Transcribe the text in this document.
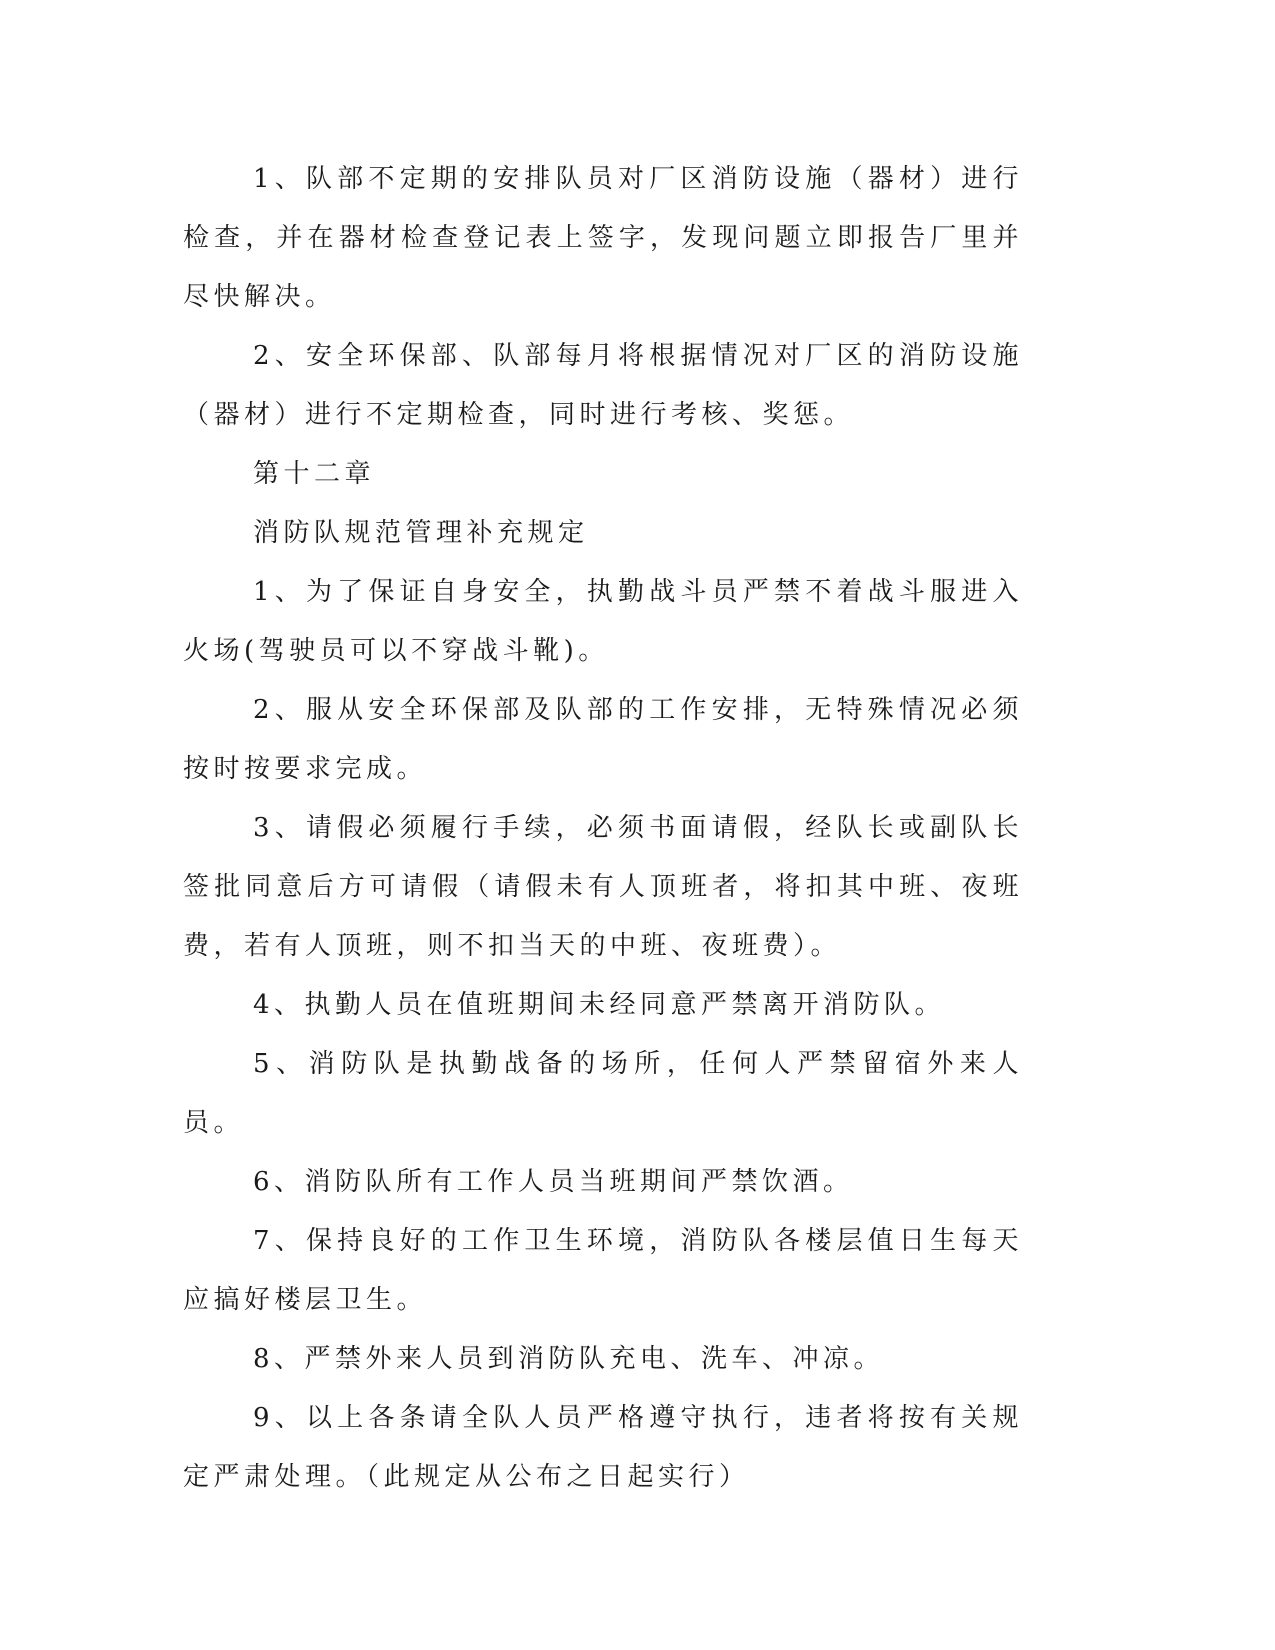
1、队部不定期的安排队员对厂区消防设施（器材）进行检查，并在器材检查登记表上签字，发现问题立即报告厂里并尽快解决。

2、安全环保部、队部每月将根据情况对厂区的消防设施（器材）进行不定期检查，同时进行考核、奖惩。

第十二章

消防队规范管理补充规定

1、为了保证自身安全，执勤战斗员严禁不着战斗服进入火场(驾驶员可以不穿战斗靴)。

2、服从安全环保部及队部的工作安排，无特殊情况必须按时按要求完成。

3、请假必须履行手续，必须书面请假，经队长或副队长签批同意后方可请假（请假未有人顶班者，将扣其中班、夜班费，若有人顶班，则不扣当天的中班、夜班费）。

4、执勤人员在值班期间未经同意严禁离开消防队。

5、消防队是执勤战备的场所，任何人严禁留宿外来人员。

6、消防队所有工作人员当班期间严禁饮酒。

7、保持良好的工作卫生环境，消防队各楼层值日生每天应搞好楼层卫生。

8、严禁外来人员到消防队充电、洗车、冲凉。

9、以上各条请全队人员严格遵守执行，违者将按有关规定严肃处理。（此规定从公布之日起实行）
